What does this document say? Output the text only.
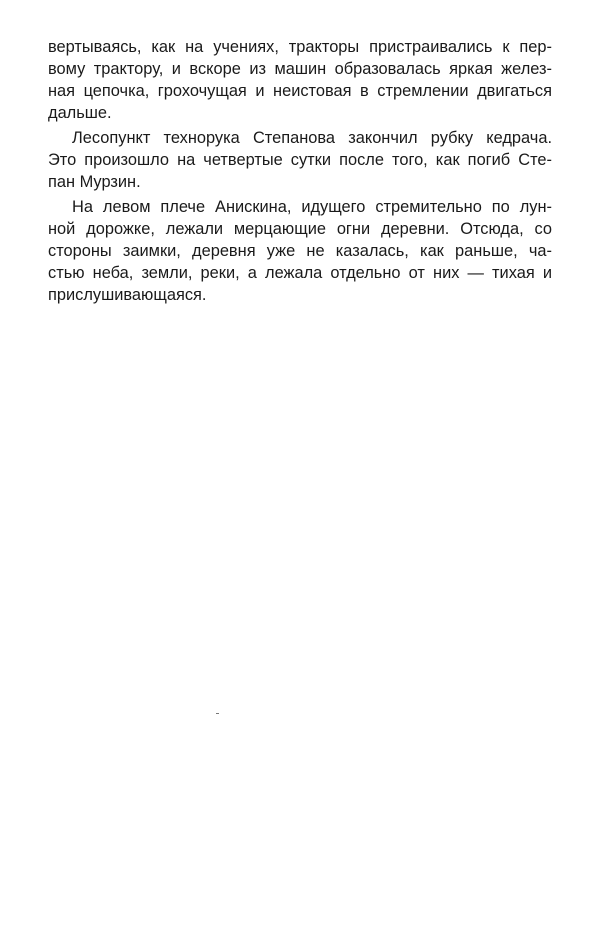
вертываясь, как на учениях, тракторы пристраивались к пер-
вому трактору, и вскоре из машин образовалась яркая желез-
ная цепочка, грохочущая и неистовая в стремлении двигаться
дальше.
Лесопункт технорука Степанова закончил рубку кедрача.
Это произошло на четвертые сутки после того, как погиб Сте-
пан Мурзин.
На левом плече Анискина, идущего стремительно по лун-
ной дорожке, лежали мерцающие огни деревни. Отсюда, со
стороны заимки, деревня уже не казалась, как раньше, ча-
стью неба, земли, реки, а лежала отдельно от них — тихая и
прислушивающаяся.
